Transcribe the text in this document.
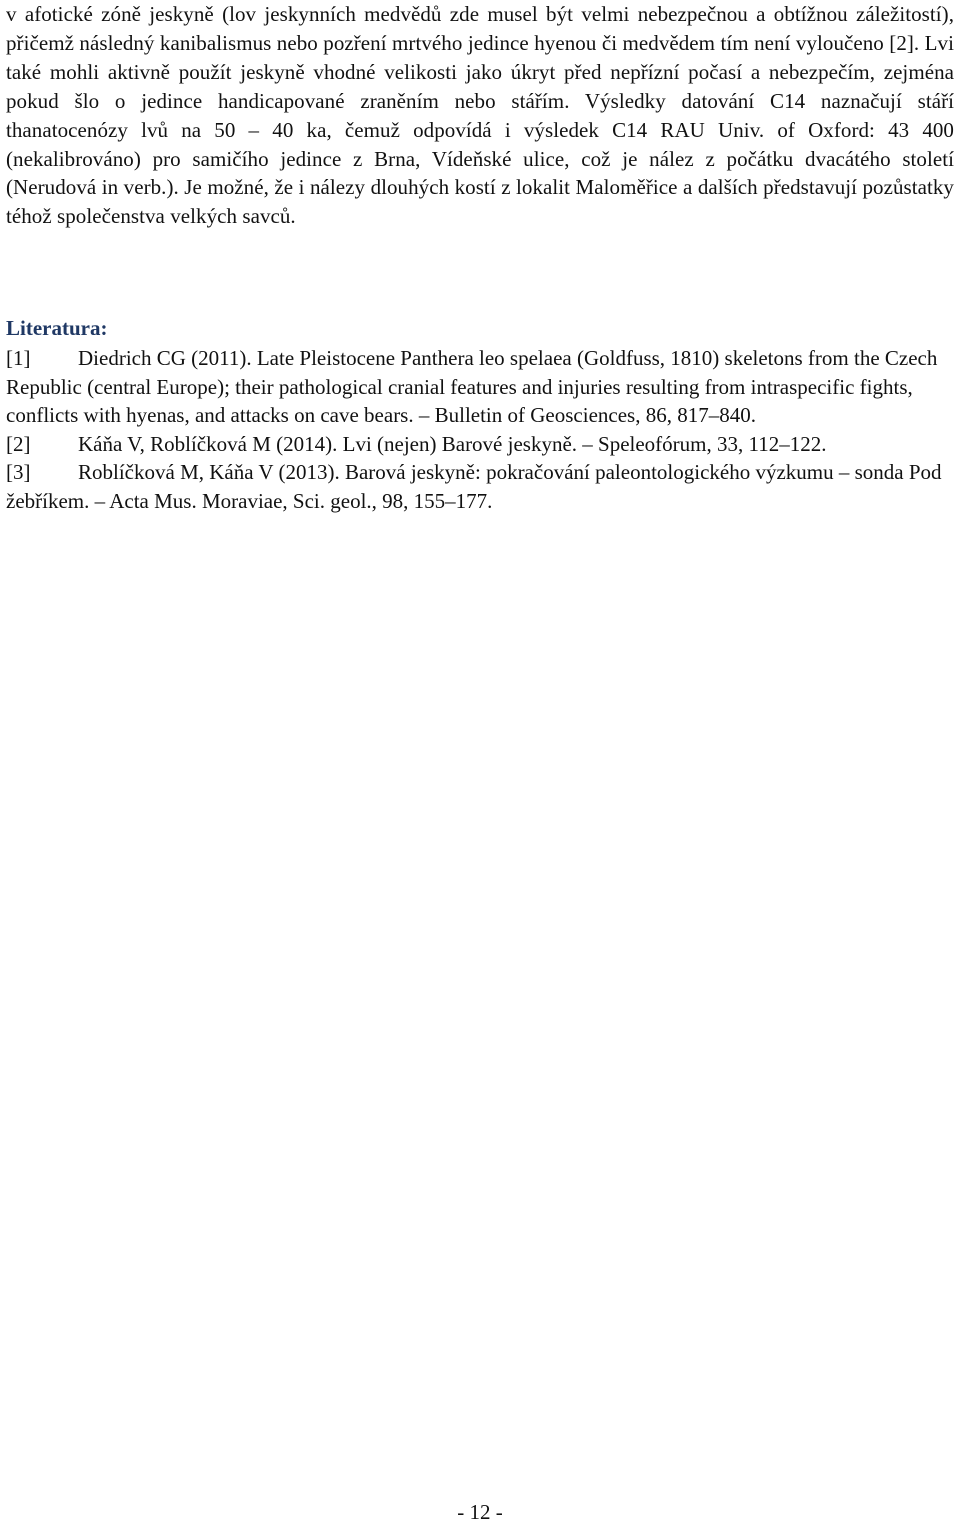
v afotické zóně jeskyně (lov jeskynních medvědů zde musel být velmi nebezpečnou a obtížnou záležitostí), přičemž následný kanibalismus nebo pozření mrtvého jedince hyenou či medvědem tím není vyloučeno [2]. Lvi také mohli aktivně použít jeskyně vhodné velikosti jako úkryt před nepřízní počasí a nebezpečím, zejména pokud šlo o jedince handicapované zraněním nebo stářím. Výsledky datování C14 naznačují stáří thanatocenózy lvů na 50 – 40 ka, čemuž odpovídá i výsledek C14 RAU Univ. of Oxford: 43 400 (nekalibrováno) pro samičího jedince z Brna, Vídeňské ulice, což je nález z počátku dvacátého století (Nerudová in verb.). Je možné, že i nálezy dlouhých kostí z lokalit Maloměřice a dalších představují pozůstatky téhož společenstva velkých savců.

Literatura:

[1] Diedrich CG (2011). Late Pleistocene Panthera leo spelaea (Goldfuss, 1810) skeletons from the Czech Republic (central Europe); their pathological cranial features and injuries resulting from intraspecific fights, conflicts with hyenas, and attacks on cave bears. – Bulletin of Geosciences, 86, 817–840.

[2] Káňa V, Roblíčková M (2014). Lvi (nejen) Barové jeskyně. – Speleofórum, 33, 112–122.

[3] Roblíčková M, Káňa V (2013). Barová jeskyně: pokračování paleontologického výzkumu – sonda Pod žebříkem. – Acta Mus. Moraviae, Sci. geol., 98, 155–177.

- 12 -
